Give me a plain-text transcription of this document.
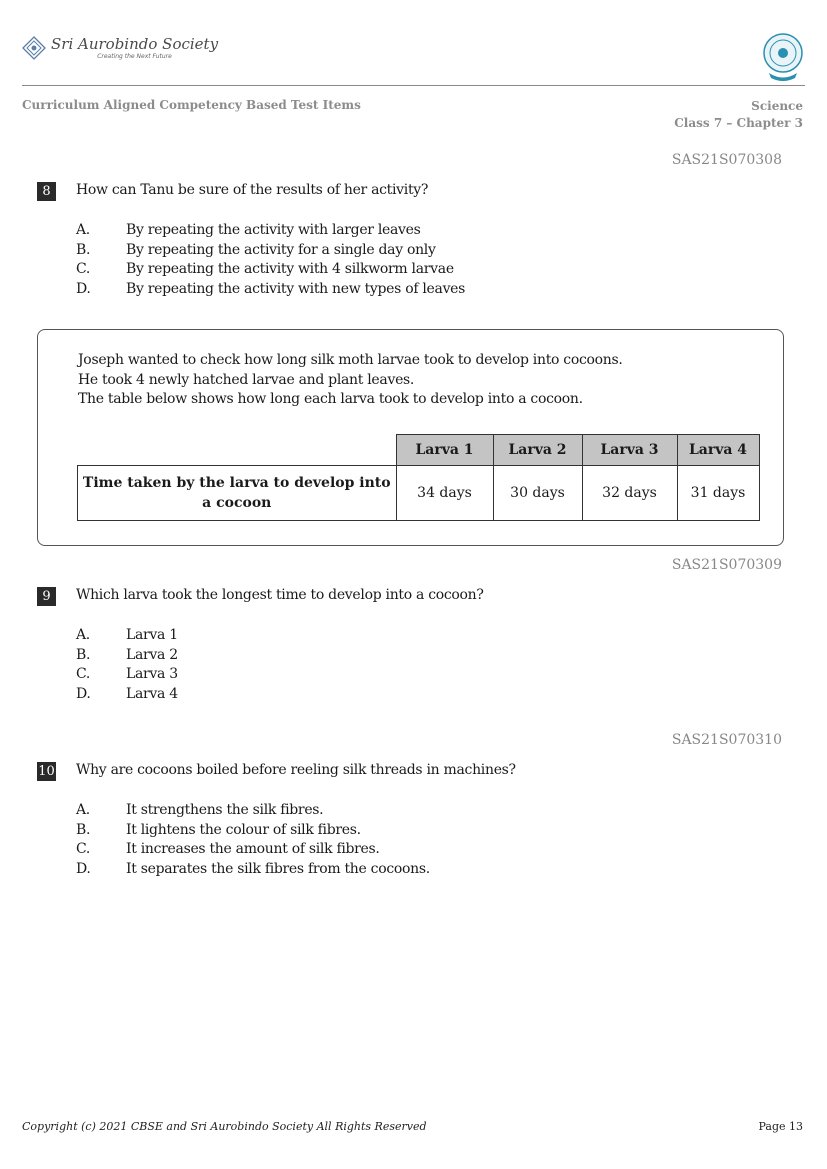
Sri Aurobindo Society
Creating the Next Future
Curriculum Aligned Competency Based Test Items	Science
Class 7 – Chapter 3
SAS21S070308
8	How can Tanu be sure of the results of her activity?
A.	By repeating the activity with larger leaves
B.	By repeating the activity for a single day only
C.	By repeating the activity with 4 silkworm larvae
D.	By repeating the activity with new types of leaves
Joseph wanted to check how long silk moth larvae took to develop into cocoons.
He took 4 newly hatched larvae and plant leaves.
The table below shows how long each larva took to develop into a cocoon.
	Larva 1	Larva 2	Larva 3	Larva 4
Time taken by the larva to develop into a cocoon	34 days	30 days	32 days	31 days
SAS21S070309
9	Which larva took the longest time to develop into a cocoon?
A.	Larva 1
B.	Larva 2
C.	Larva 3
D.	Larva 4
SAS21S070310
10 Why are cocoons boiled before reeling silk threads in machines?
A.	It strengthens the silk fibres.
B.	It lightens the colour of silk fibres.
C.	It increases the amount of silk fibres.
D.	It separates the silk fibres from the cocoons.
Copyright (c) 2021 CBSE and Sri Aurobindo Society All Rights Reserved	Page 13
